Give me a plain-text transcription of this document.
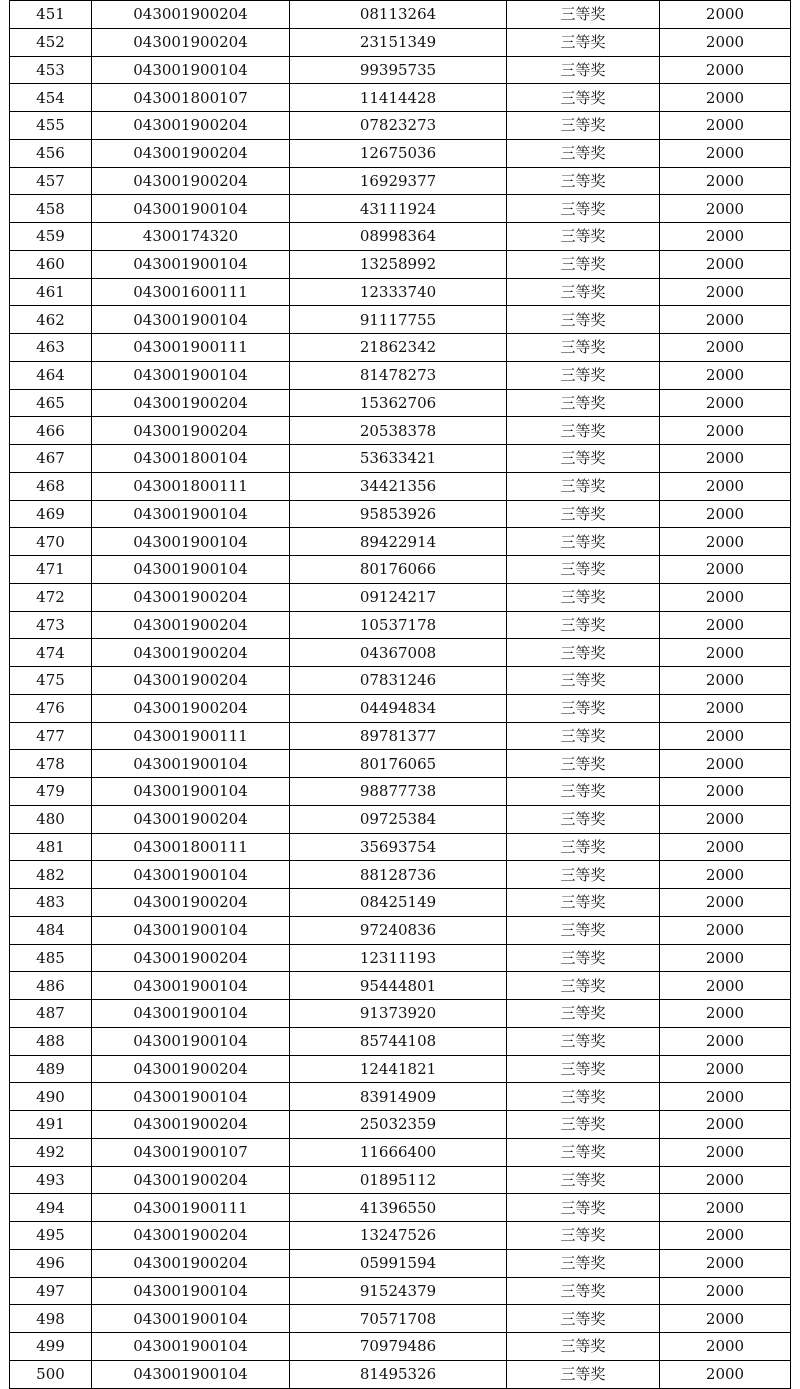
451	043001900204	08113264	三等奖	2000
452	043001900204	23151349	三等奖	2000
453	043001900104	99395735	三等奖	2000
454	043001800107	11414428	三等奖	2000
455	043001900204	07823273	三等奖	2000
456	043001900204	12675036	三等奖	2000
457	043001900204	16929377	三等奖	2000
458	043001900104	43111924	三等奖	2000
459	4300174320	08998364	三等奖	2000
460	043001900104	13258992	三等奖	2000
461	043001600111	12333740	三等奖	2000
462	043001900104	91117755	三等奖	2000
463	043001900111	21862342	三等奖	2000
464	043001900104	81478273	三等奖	2000
465	043001900204	15362706	三等奖	2000
466	043001900204	20538378	三等奖	2000
467	043001800104	53633421	三等奖	2000
468	043001800111	34421356	三等奖	2000
469	043001900104	95853926	三等奖	2000
470	043001900104	89422914	三等奖	2000
471	043001900104	80176066	三等奖	2000
472	043001900204	09124217	三等奖	2000
473	043001900204	10537178	三等奖	2000
474	043001900204	04367008	三等奖	2000
475	043001900204	07831246	三等奖	2000
476	043001900204	04494834	三等奖	2000
477	043001900111	89781377	三等奖	2000
478	043001900104	80176065	三等奖	2000
479	043001900104	98877738	三等奖	2000
480	043001900204	09725384	三等奖	2000
481	043001800111	35693754	三等奖	2000
482	043001900104	88128736	三等奖	2000
483	043001900204	08425149	三等奖	2000
484	043001900104	97240836	三等奖	2000
485	043001900204	12311193	三等奖	2000
486	043001900104	95444801	三等奖	2000
487	043001900104	91373920	三等奖	2000
488	043001900104	85744108	三等奖	2000
489	043001900204	12441821	三等奖	2000
490	043001900104	83914909	三等奖	2000
491	043001900204	25032359	三等奖	2000
492	043001900107	11666400	三等奖	2000
493	043001900204	01895112	三等奖	2000
494	043001900111	41396550	三等奖	2000
495	043001900204	13247526	三等奖	2000
496	043001900204	05991594	三等奖	2000
497	043001900104	91524379	三等奖	2000
498	043001900104	70571708	三等奖	2000
499	043001900104	70979486	三等奖	2000
500	043001900104	81495326	三等奖	2000
